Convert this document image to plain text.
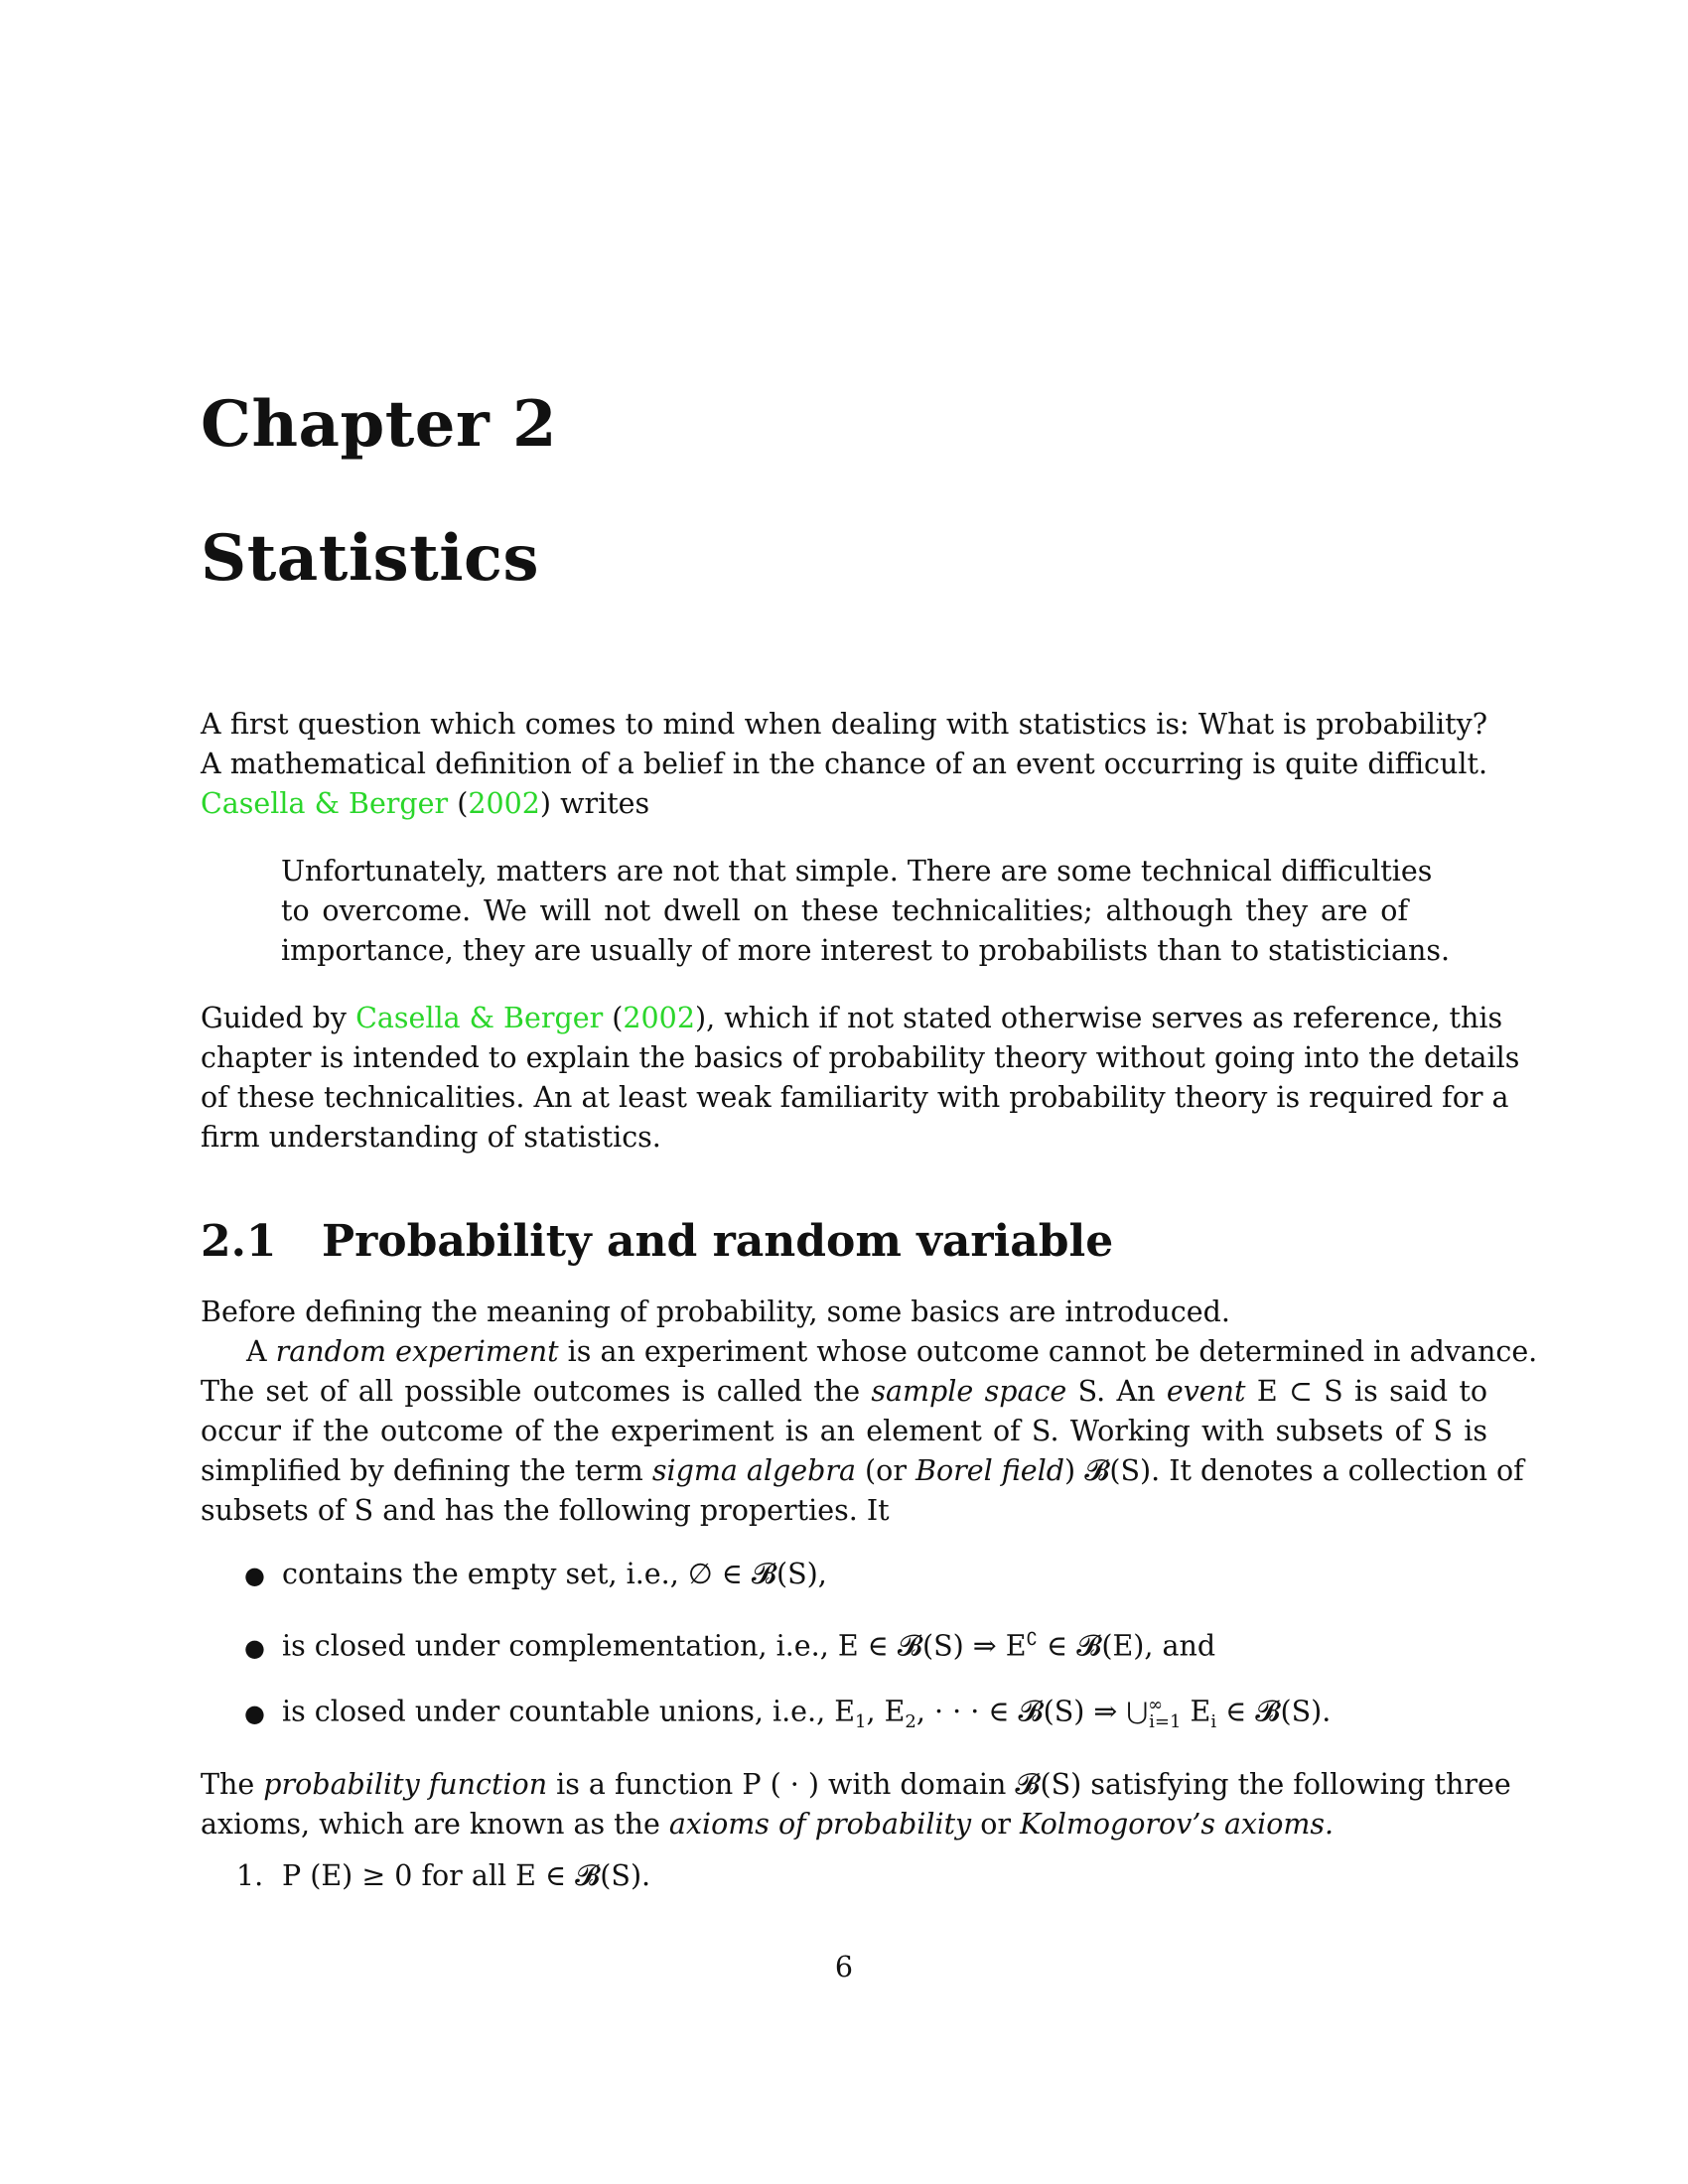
Chapter 2
Statistics
A first question which comes to mind when dealing with statistics is: What is probability?
A mathematical definition of a belief in the chance of an event occurring is quite difficult.
Casella & Berger (2002) writes
Unfortunately, matters are not that simple. There are some technical difficulties
to overcome. We will not dwell on these technicalities; although they are of
importance, they are usually of more interest to probabilists than to statisticians.
Guided by Casella & Berger (2002), which if not stated otherwise serves as reference, this
chapter is intended to explain the basics of probability theory without going into the details
of these technicalities. An at least weak familiarity with probability theory is required for a
firm understanding of statistics.
2.1 Probability and random variable
Before defining the meaning of probability, some basics are introduced.
A random experiment is an experiment whose outcome cannot be determined in advance.
The set of all possible outcomes is called the sample space S. An event E ⊂ S is said to
occur if the outcome of the experiment is an element of S. Working with subsets of S is
simplified by defining the term sigma algebra (or Borel field) 𝓑(S). It denotes a collection of
subsets of S and has the following properties. It
● contains the empty set, i.e., ∅ ∈ 𝓑(S),
● is closed under complementation, i.e., E ∈ 𝓑(S) ⇒ E∁ ∈ 𝓑(E), and
● is closed under countable unions, i.e., $E_1$, $E_2$, · · · ∈ 𝓑(S) ⇒ $⋃^\infty_{i=1}$ $E_i$ ∈ 𝓑(S).
The probability function is a function P ( · ) with domain 𝓑(S) satisfying the following three
axioms, which are known as the axioms of probability or Kolmogorov’s axioms.
1. P (E) ≥ 0 for all E ∈ 𝓑(S).
6
